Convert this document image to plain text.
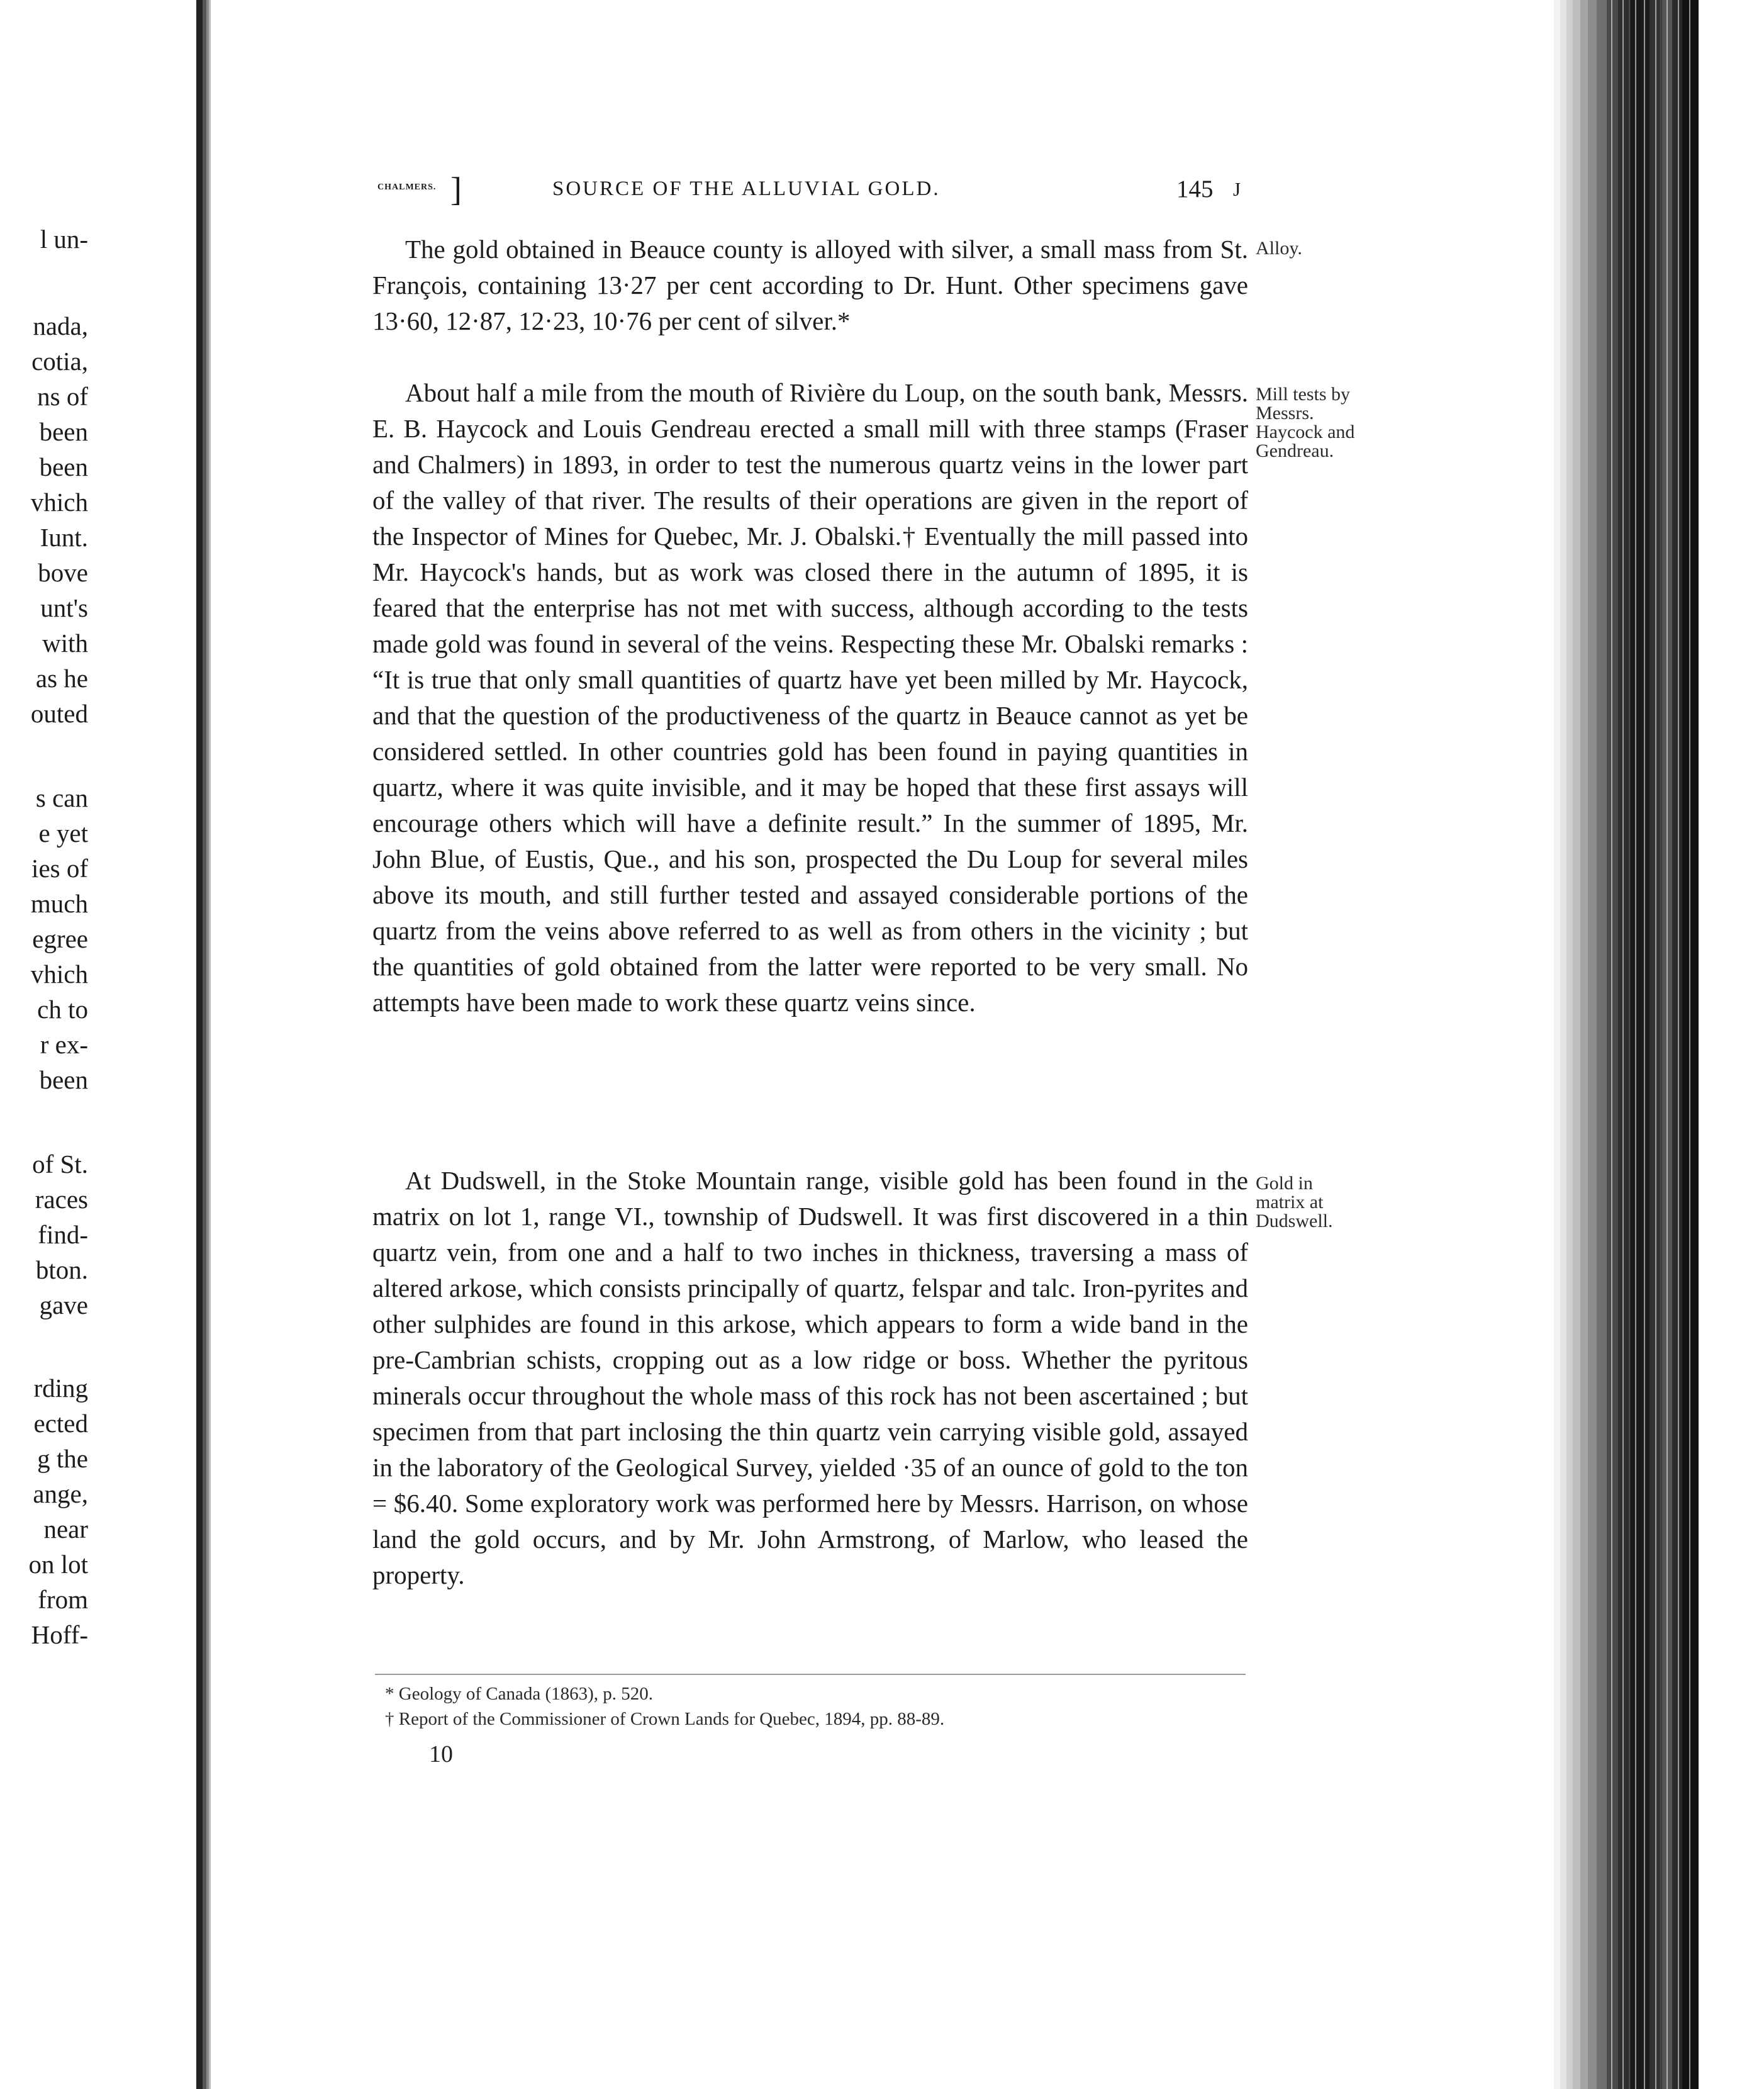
l un-
nada,
cotia,
ns of
been
been
vhich
Iunt.
bove
unt's
with
as he
outed
s can
e yet
ies of
much
egree
vhich
ch to
r ex-
been
of St.
races
find-
bton.
gave
rding
ected
g the
ange,
near
on lot
from
Hoff-
CHALMERS. ]	SOURCE OF THE ALLUVIAL GOLD.	145 J

The gold obtained in Beauce county is alloyed with silver, a small mass from St. François, containing 13·27 per cent according to Dr. Hunt. Other specimens gave 13·60, 12·87, 12·23, 10·76 per cent of silver.*

About half a mile from the mouth of Rivière du Loup, on the south bank, Messrs. E. B. Haycock and Louis Gendreau erected a small mill with three stamps (Fraser and Chalmers) in 1893, in order to test the numerous quartz veins in the lower part of the valley of that river. The results of their operations are given in the report of the Inspector of Mines for Quebec, Mr. J. Obalski.† Eventually the mill passed into Mr. Haycock's hands, but as work was closed there in the autumn of 1895, it is feared that the enterprise has not met with success, although according to the tests made gold was found in several of the veins. Respecting these Mr. Obalski remarks : “It is true that only small quantities of quartz have yet been milled by Mr. Haycock, and that the question of the productiveness of the quartz in Beauce cannot as yet be considered settled. In other countries gold has been found in paying quantities in quartz, where it was quite invisible, and it may be hoped that these first assays will encourage others which will have a definite result.” In the summer of 1895, Mr. John Blue, of Eustis, Que., and his son, prospected the Du Loup for several miles above its mouth, and still further tested and assayed considerable portions of the quartz from the veins above referred to as well as from others in the vicinity ; but the quantities of gold obtained from the latter were reported to be very small. No attempts have been made to work these quartz veins since.

At Dudswell, in the Stoke Mountain range, visible gold has been found in the matrix on lot 1, range VI., township of Dudswell. It was first discovered in a thin quartz vein, from one and a half to two inches in thickness, traversing a mass of altered arkose, which consists principally of quartz, felspar and talc. Iron-pyrites and other sulphides are found in this arkose, which appears to form a wide band in the pre-Cambrian schists, cropping out as a low ridge or boss. Whether the pyritous minerals occur throughout the whole mass of this rock has not been ascertained ; but specimen from that part inclosing the thin quartz vein carrying visible gold, assayed in the laboratory of the Geological Survey, yielded ·35 of an ounce of gold to the ton = $6.40. Some exploratory work was performed here by Messrs. Harrison, on whose land the gold occurs, and by Mr. John Armstrong, of Marlow, who leased the property.

Alloy.
Mill tests by
Messrs.
Haycock and
Gendreau.
Gold in
matrix at
Dudswell.
* Geology of Canada (1863), p. 520.
† Report of the Commissioner of Crown Lands for Quebec, 1894, pp. 88-89.
10
